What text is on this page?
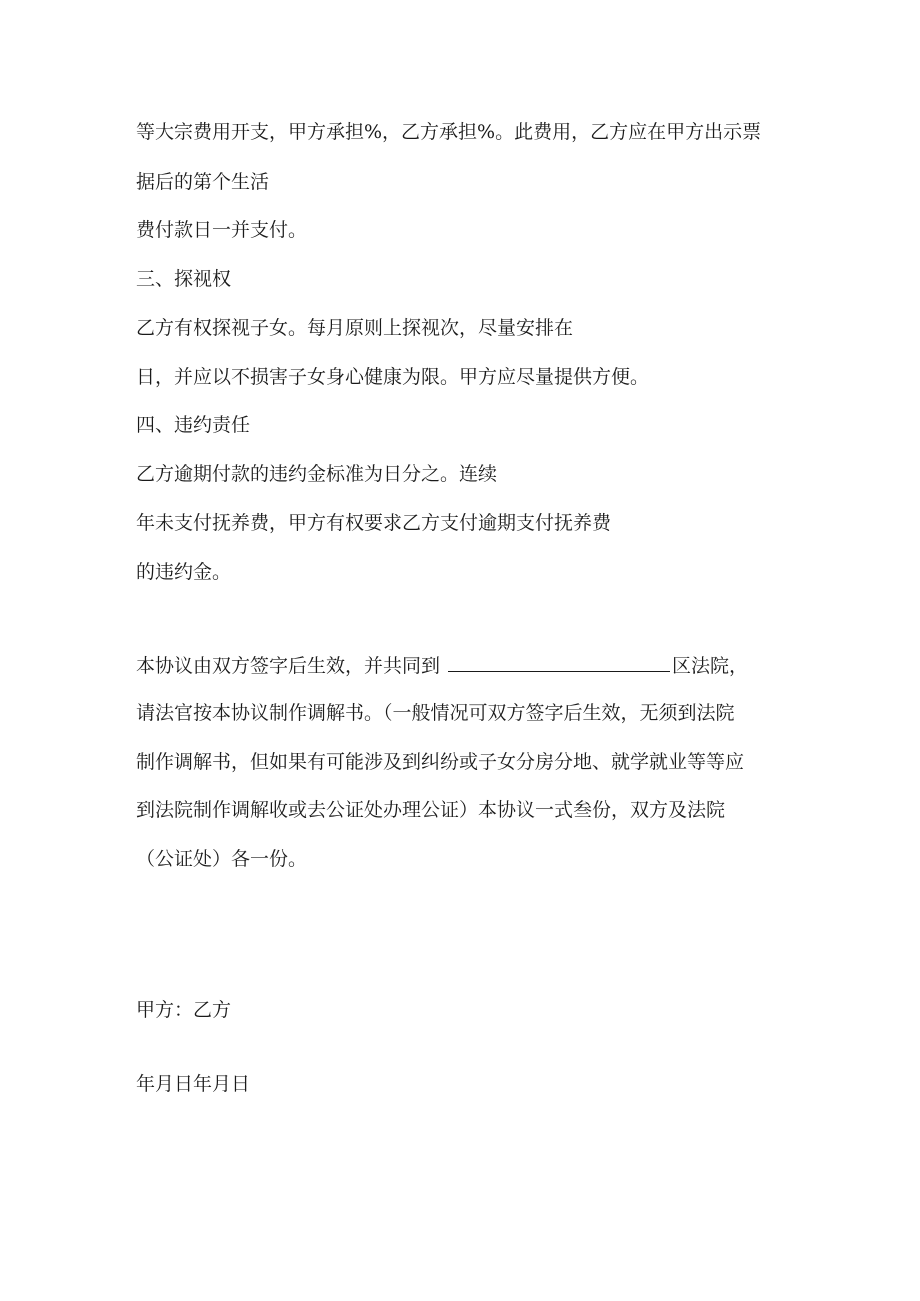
等大宗费用开支，甲方承担%，乙方承担%。此费用，乙方应在甲方出示票
据后的第个生活
费付款日一并支付。
三、探视权
乙方有权探视子女。每月原则上探视次，尽量安排在
日，并应以不损害子女身心健康为限。甲方应尽量提供方便。
四、违约责任
乙方逾期付款的违约金标准为日分之。连续
年未支付抚养费，甲方有权要求乙方支付逾期支付抚养费
的违约金。
本协议由双方签字后生效，并共同到	区法院，
请法官按本协议制作调解书。（一般情况可双方签字后生效，无须到法院
制作调解书，但如果有可能涉及到纠纷或子女分房分地、就学就业等等应
到法院制作调解收或去公证处办理公证）本协议一式叁份，双方及法院
（公证处）各一份。
甲方：乙方
年月日年月日
